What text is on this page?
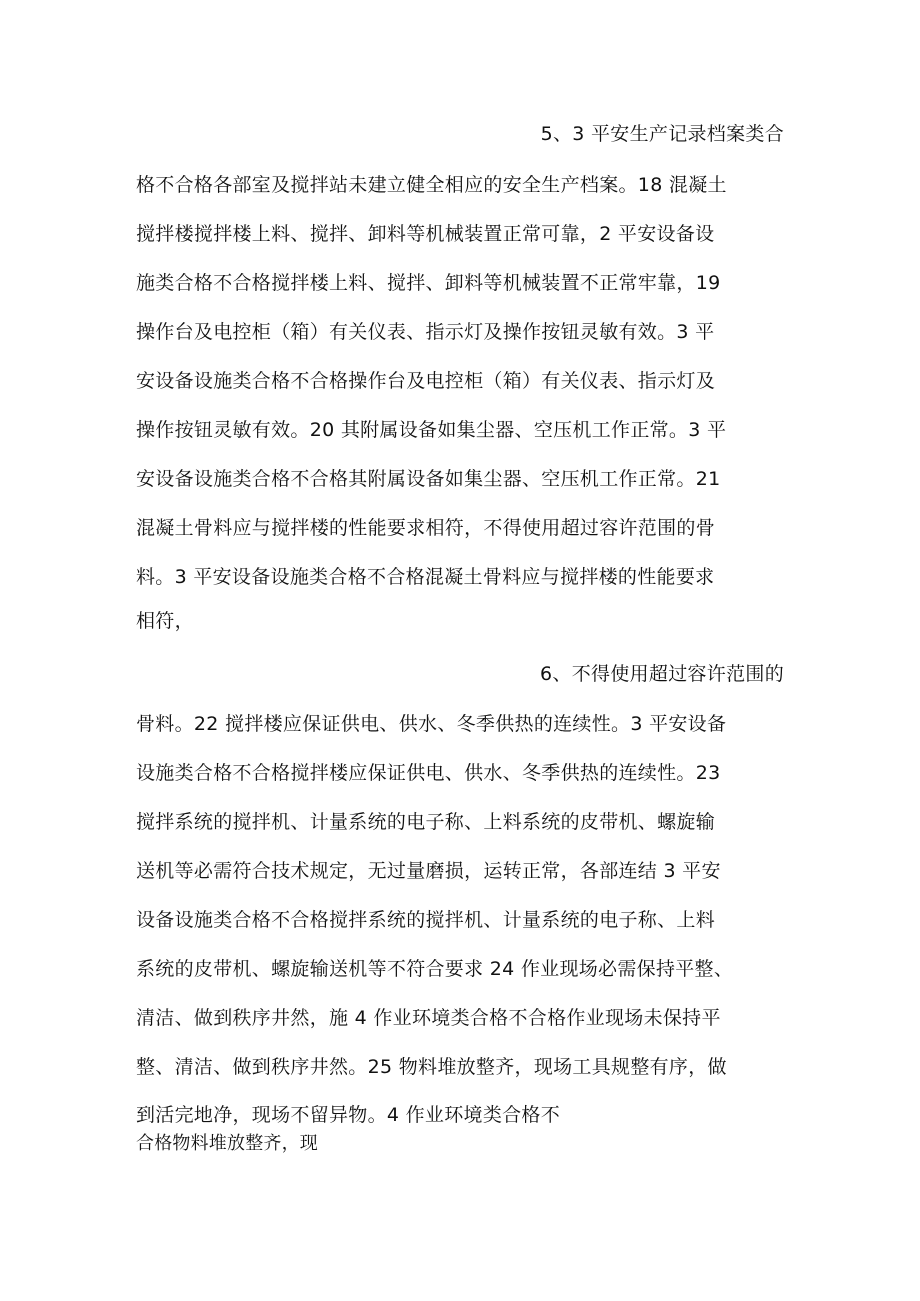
5、3 平安生产记录档案类合
格不合格各部室及搅拌站未建立健全相应的安全生产档案。18 混凝土
搅拌楼搅拌楼上料、搅拌、卸料等机械装置正常可靠，2 平安设备设
施类合格不合格搅拌楼上料、搅拌、卸料等机械装置不正常牢靠，19
操作台及电控柜（箱）有关仪表、指示灯及操作按钮灵敏有效。3 平
安设备设施类合格不合格操作台及电控柜（箱）有关仪表、指示灯及
操作按钮灵敏有效。20 其附属设备如集尘器、空压机工作正常。3 平
安设备设施类合格不合格其附属设备如集尘器、空压机工作正常。21
混凝土骨料应与搅拌楼的性能要求相符，不得使用超过容许范围的骨
料。3 平安设备设施类合格不合格混凝土骨料应与搅拌楼的性能要求
相符，
6、不得使用超过容许范围的
骨料。22 搅拌楼应保证供电、供水、冬季供热的连续性。3 平安设备
设施类合格不合格搅拌楼应保证供电、供水、冬季供热的连续性。23
搅拌系统的搅拌机、计量系统的电子称、上料系统的皮带机、螺旋输
送机等必需符合技术规定，无过量磨损，运转正常，各部连结 3 平安
设备设施类合格不合格搅拌系统的搅拌机、计量系统的电子称、上料
系统的皮带机、螺旋输送机等不符合要求 24 作业现场必需保持平整、
清洁、做到秩序井然，施 4 作业环境类合格不合格作业现场未保持平
整、清洁、做到秩序井然。25 物料堆放整齐，现场工具规整有序，做
到活完地净，现场不留异物。4 作业环境类合格不
合格物料堆放整齐，现
